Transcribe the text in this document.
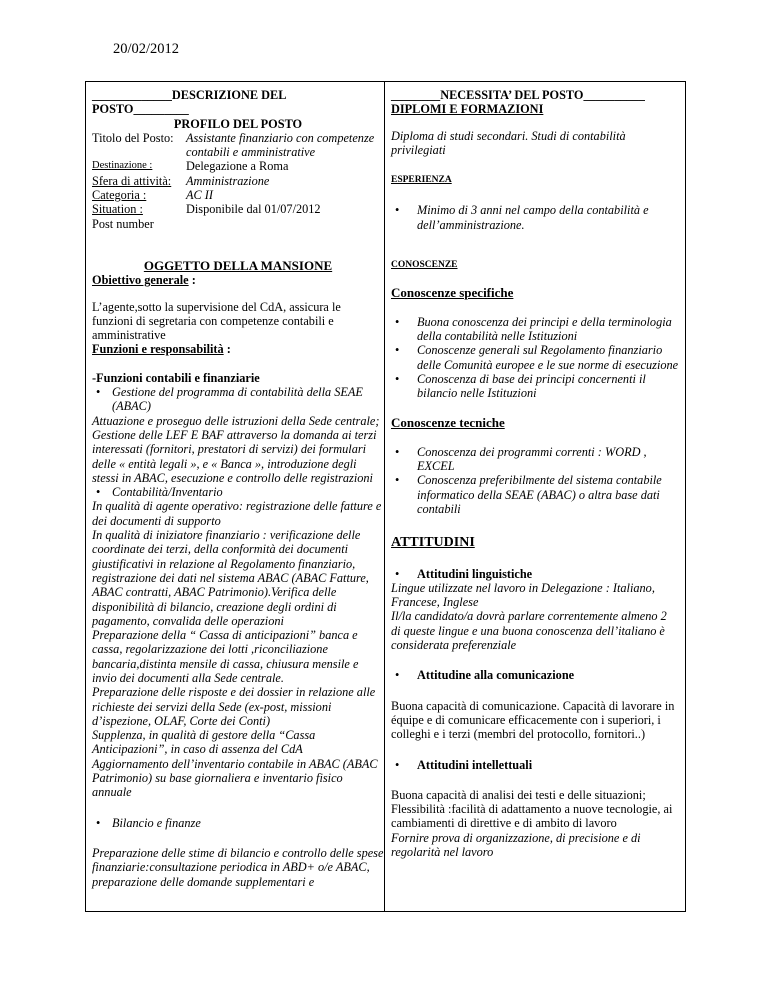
20/02/2012

_____________DESCRIZIONE DEL POSTO_________

PROFILO DEL POSTO

Titolo del Posto:	Assistante finanziario con competenze contabili e amministrative
Destinazione :	Delegazione a Roma
Sfera di attività:	Amministrazione
Categoria :	AC II
Situation :	Disponibile dal 01/07/2012
Post number

OGGETTO DELLA MANSIONE

Obiettivo generale :

L’agente,sotto la supervisione del CdA, assicura le funzioni di segretaria con competenze contabili e amministrative

Funzioni e responsabilità :

-Funzioni contabili e finanziarie

• Gestione del programma di contabilità della SEAE (ABAC)

Attuazione e proseguo delle istruzioni della Sede centrale;

Gestione delle LEF E BAF attraverso la domanda ai terzi interessati (fornitori, prestatori di servizi) dei formulari delle « entità legali », e « Banca », introduzione degli stessi in ABAC, esecuzione e controllo delle registrazioni

• Contabilità/Inventario

In qualità di agente operativo: registrazione delle fatture e dei documenti di supporto

In qualità di iniziatore finanziario : verificazione delle coordinate dei terzi, della conformità dei documenti giustificativi in relazione al Regolamento finanziario, registrazione dei dati nel sistema ABAC (ABAC Fatture, ABAC contratti, ABAC Patrimonio).Verifica delle disponibilità di bilancio, creazione degli ordini di pagamento, convalida delle operazioni

Preparazione della “ Cassa di anticipazioni” banca e cassa, regolarizzazione dei lotti ,riconciliazione bancaria,distinta mensile di cassa, chiusura mensile e invio dei documenti alla Sede centrale.

Preparazione delle risposte e dei dossier in relazione alle richieste dei servizi della Sede (ex-post, missioni d’ispezione, OLAF, Corte dei Conti)

Supplenza, in qualità di gestore della “Cassa Anticipazioni”, in caso di assenza del CdA

Aggiornamento dell’inventario contabile in ABAC (ABAC Patrimonio) su base giornaliera e inventario fisico annuale

• Bilancio e finanze

Preparazione delle stime di bilancio e controllo delle spese finanziarie:consultazione periodica in ABD+ o/e ABAC, preparazione delle domande supplementari e

________NECESSITA’ DEL POSTO__________

DIPLOMI E FORMAZIONI

Diploma di studi secondari. Studi di contabilità privilegiati

ESPERIENZA

•	Minimo di 3 anni nel campo della contabilità e dell’amministrazione.

CONOSCENZE

Conoscenze specifiche

•	Buona conoscenza dei principi e della terminologia della contabilità nelle Istituzioni
•	Conoscenze generali sul Regolamento finanziario delle Comunità europee e le sue norme di esecuzione
•	Conoscenza di base dei principi concernenti il bilancio nelle Istituzioni

Conoscenze tecniche

•	Conoscenza dei programmi correnti : WORD , EXCEL
•	Conoscenza preferibilmente del sistema contabile informatico della SEAE (ABAC) o altra base dati contabili

ATTITUDINI

•	Attitudini linguistiche

Lingue utilizzate nel lavoro in Delegazione : Italiano, Francese, Inglese

Il/la candidato/a dovrà parlare correntemente almeno 2 di queste lingue e una buona conoscenza dell’italiano è considerata preferenziale

•	Attitudine alla comunicazione

Buona capacità di comunicazione. Capacità di lavorare in équipe e di comunicare efficacemente con i superiori, i colleghi e i terzi (membri del protocollo, fornitori..)

•	Attitudini intellettuali

Buona capacità di analisi dei testi e delle situazioni; Flessibilità :facilità di adattamento a nuove tecnologie, ai cambiamenti di direttive e di ambito di lavoro

Fornire prova di organizzazione, di precisione e di regolarità nel lavoro
